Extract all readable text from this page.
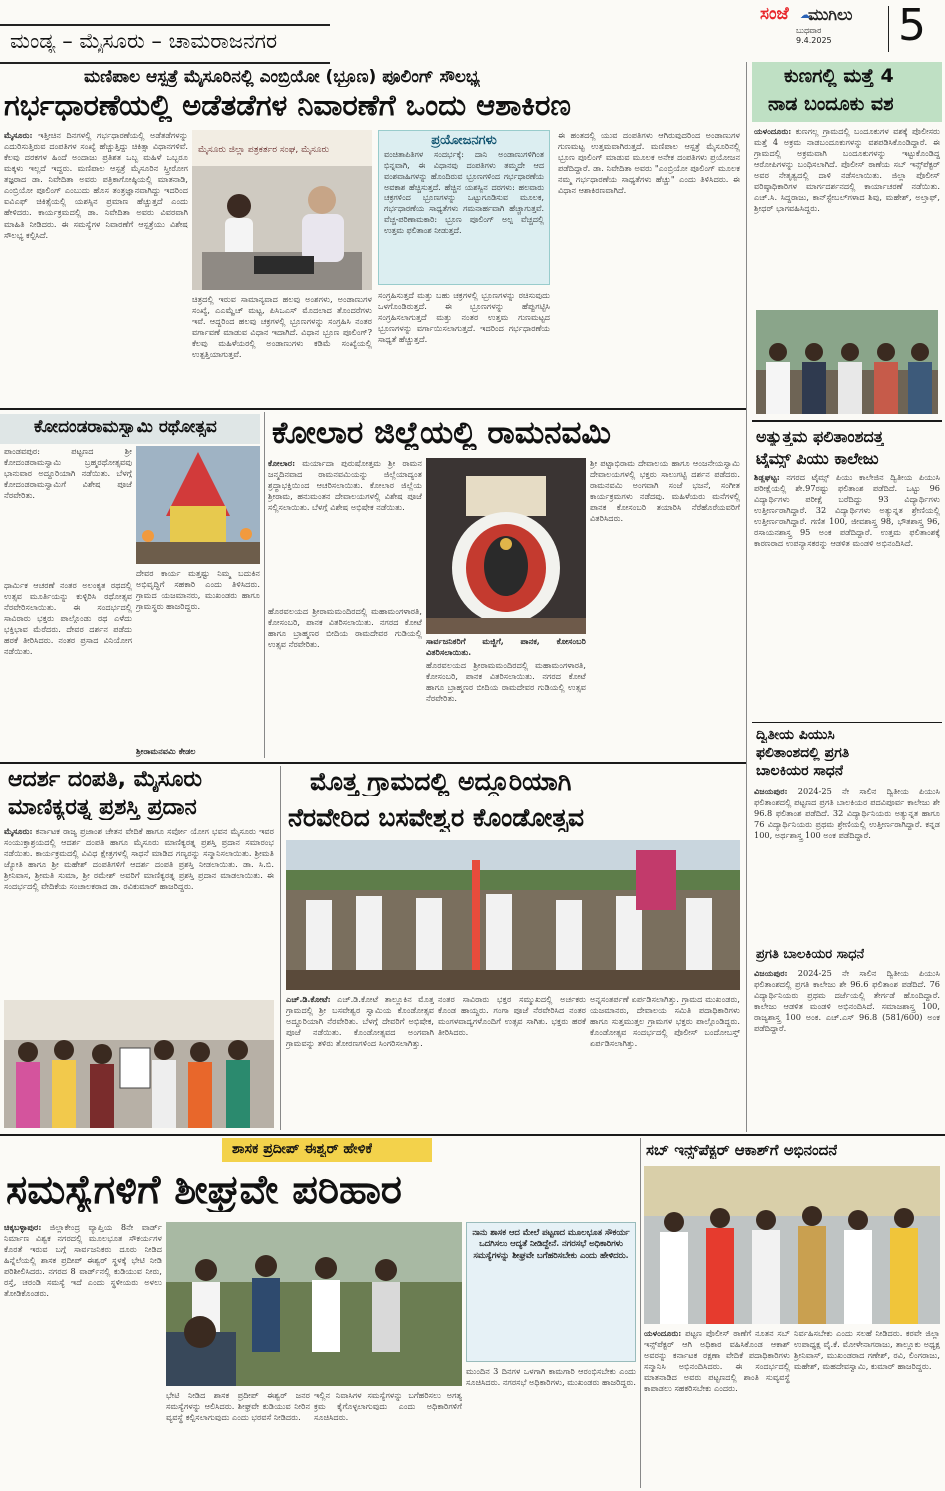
ಮಂಡ್ಯ – ಮೈಸೂರು – ಚಾಮರಾಜನಗರ
ಸಂಜೆ ಮುಗಿಲು
☁
ಬುಧವಾರ
9.4.2025 5
ಮಣಿಪಾಲ ಆಸ್ಪತ್ರೆ ಮೈಸೂರಿನಲ್ಲಿ ಎಂಬ್ರಿಯೋ (ಭ್ರೂಣ) ಪೂಲಿಂಗ್ ಸೌಲಭ್ಯ
ಗರ್ಭಧಾರಣೆಯಲ್ಲಿ ಅಡೆತಡೆಗಳ ನಿವಾರಣೆಗೆ ಒಂದು ಆಶಾಕಿರಣ
ಮೈಸೂರು ಜಿಲ್ಲಾ ಪತ್ರಕರ್ತರ ಸಂಘ, ಮೈಸೂರು
ಪ್ರಯೋಜನಗಳು
ವಂಚಿತಾಪಿತಿಗಳ ಸಂದರ್ಭಕ್ಕೆ: ದಾನಿ ಅಂಡಾಣುಗಳಿಗಿಂತ ಭಿನ್ನವಾಗಿ, ಈ ವಿಧಾನವು ದಂಪತಿಗಳು ತಮ್ಮದೇ ಆದ ವಂಶವಾಹಿಗಳನ್ನು ಹೊಂದಿರುವ ಭ್ರೂಣಗಳಿಂದ ಗರ್ಭಧಾರಣೆಯ ಅವಕಾಶ ಹೆಚ್ಚಿಸುತ್ತದೆ. ಹೆಚ್ಚಿನ ಯಶಸ್ವಿನ ದರಗಳು: ಹಲವಾರು ಚಕ್ರಗಳಿಂದ ಭ್ರೂಣಗಳನ್ನು ಒಟ್ಟುಗೂಡಿಸುವ ಮೂಲಕ, ಗರ್ಭಧಾರಣೆಯ ಸಾಧ್ಯತೆಗಳು ಗಮನಾರ್ಹವಾಗಿ ಹೆಚ್ಚಾಗುತ್ತವೆ. ವೆಚ್ಚ-ಪರಿಣಾಮಕಾರಿ: ಭ್ರೂಣ ಪೂಲಿಂಗ್ ಅಲ್ಪ ವೆಚ್ಚದಲ್ಲಿ ಉತ್ತಮ ಫಲಿತಾಂಶ ನೀಡುತ್ತದೆ.
ಮೈಸೂರು: ಇತ್ತೀಚಿನ ದಿನಗಳಲ್ಲಿ ಗರ್ಭಧಾರಣೆಯಲ್ಲಿ ಅಡೆತಡೆಗಳನ್ನು ಎದುರಿಸುತ್ತಿರುವ ದಂಪತಿಗಳ ಸಂಖ್ಯೆ ಹೆಚ್ಚುತ್ತಿದ್ದು ಚಿಕಿತ್ಸಾ ವಿಧಾನಗಳಿವೆ. ಕೆಲವು ದರಕಗಳ ಹಿಂದೆ ಅಂದಾಜು ಪ್ರತಿಶತ ಒಬ್ಬ ಮಹಿಳೆ ಒಬ್ಬರೂ ಮಕ್ಕಳು ಇಲ್ಲದೆ ಇದ್ದರು. ಮಣಿಪಾಲ ಆಸ್ಪತ್ರೆ ಮೈಸೂರಿನ ಸ್ತ್ರೀರೋಗ ತಜ್ಞರಾದ ಡಾ. ನಿವೇದಿತಾ ಅವರು ಪತ್ರಿಕಾಗೋಷ್ಠಿಯಲ್ಲಿ ಮಾತನಾಡಿ, ಎಂಬ್ರಿಯೋ ಪೂಲಿಂಗ್ ಎಂಬುದು ಹೊಸ ತಂತ್ರಜ್ಞಾನವಾಗಿದ್ದು ಇದರಿಂದ ಐವಿಎಫ್ ಚಿಕಿತ್ಸೆಯಲ್ಲಿ ಯಶಸ್ಸಿನ ಪ್ರಮಾಣ ಹೆಚ್ಚುತ್ತದೆ ಎಂದು ಹೇಳಿದರು. ಕಾರ್ಯಕ್ರಮದಲ್ಲಿ ಡಾ. ನಿವೇದಿತಾ ಅವರು ವಿವರವಾಗಿ ಮಾಹಿತಿ ನೀಡಿದರು. ಈ ಸಮಸ್ಯೆಗಳ ನಿವಾರಣೆಗೆ ಆಸ್ಪತ್ರೆಯು ವಿಶೇಷ ಸೌಲಭ್ಯ ಕಲ್ಪಿಸಿದೆ.
ಚಿತ್ರದಲ್ಲಿ ಇರುವ ಸಾಮಾನ್ಯವಾದ ಹಲವು ಅಂಶಗಳು, ಅಂಡಾಣುಗಳ ಸಂಖ್ಯೆ, ಎಎಮ್ಹೆಚ್ ಮಟ್ಟ, ಪಿಸಿಒಎಸ್ ಮೊದಲಾದ ತೊಂದರೆಗಳು ಇವೆ. ಆದ್ದರಿಂದ ಹಲವು ಚಕ್ರಗಳಲ್ಲಿ ಭ್ರೂಣಗಳನ್ನು ಸಂಗ್ರಹಿಸಿ ನಂತರ ವರ್ಗಾವಣೆ ಮಾಡುವ ವಿಧಾನ ಇದಾಗಿದೆ. ವಿಧಾನ ಭ್ರೂಣ ಪೂಲಿಂಗ್? ಕೆಲವು ಮಹಿಳೆಯರಲ್ಲಿ ಅಂಡಾಣುಗಳು ಕಡಿಮೆ ಸಂಖ್ಯೆಯಲ್ಲಿ ಉತ್ಪತ್ತಿಯಾಗುತ್ತವೆ.
ಸಂಗ್ರಹಿಸುತ್ತದೆ ಮತ್ತು ಬಹು ಚಕ್ರಗಳಲ್ಲಿ ಭ್ರೂಣಗಳನ್ನು ರಚಿಸುವುದು ಒಳಗೊಂಡಿರುತ್ತದೆ. ಈ ಭ್ರೂಣಗಳನ್ನು ಹೆಪ್ಪುಗಟ್ಟಿಸಿ ಸಂಗ್ರಹಿಸಲಾಗುತ್ತದೆ ಮತ್ತು ನಂತರ ಉತ್ತಮ ಗುಣಮಟ್ಟದ ಭ್ರೂಣಗಳನ್ನು ವರ್ಗಾಯಿಸಲಾಗುತ್ತದೆ. ಇದರಿಂದ ಗರ್ಭಧಾರಣೆಯ ಸಾಧ್ಯತೆ ಹೆಚ್ಚುತ್ತದೆ.
ಈ ಹಂತದಲ್ಲಿ ಯುವ ದಂಪತಿಗಳು ಆಗಿರುವುದರಿಂದ ಅಂಡಾಣುಗಳ ಗುಣಮಟ್ಟ ಉತ್ತಮವಾಗಿರುತ್ತದೆ. ಮಣಿಪಾಲ ಆಸ್ಪತ್ರೆ ಮೈಸೂರಿನಲ್ಲಿ ಭ್ರೂಣ ಪೂಲಿಂಗ್ ಮಾಡುವ ಮೂಲಕ ಅನೇಕ ದಂಪತಿಗಳು ಪ್ರಯೋಜನ ಪಡೆದಿದ್ದಾರೆ. ಡಾ. ನಿವೇದಿತಾ ಅವರು "ಎಂಬ್ರಿಯೋ ಪೂಲಿಂಗ್ ಮೂಲಕ ನಮ್ಮ ಗರ್ಭಧಾರಣೆಯ ಸಾಧ್ಯತೆಗಳು ಹೆಚ್ಚು" ಎಂದು ತಿಳಿಸಿದರು. ಈ ವಿಧಾನ ಆಶಾಕಿರಣವಾಗಿದೆ.
ಕುಣಗಲ್ಲಿ ಮತ್ತೆ 4
ನಾಡ ಬಂದೂಕು ವಶ
ಯಳಂದೂರು: ಕುಣಗಲ್ಲ ಗ್ರಾಮದಲ್ಲಿ ಬಂದೂಕುಗಳ ವಶಕ್ಕೆ ಪೊಲೀಸರು ಮತ್ತೆ 4 ಅಕ್ರಮ ನಾಡಬಂದೂಕುಗಳನ್ನು ವಶಪಡಿಸಿಕೊಂಡಿದ್ದಾರೆ. ಈ ಗ್ರಾಮದಲ್ಲಿ ಅಕ್ರಮವಾಗಿ ಬಂದೂಕುಗಳನ್ನು ಇಟ್ಟುಕೊಂಡಿದ್ದ ಆರೋಪಿಗಳನ್ನು ಬಂಧಿಸಲಾಗಿದೆ. ಪೊಲೀಸ್ ಠಾಣೆಯ ಸಬ್ ಇನ್ಸ್‌ಪೆಕ್ಟರ್ ಅವರ ನೇತೃತ್ವದಲ್ಲಿ ದಾಳಿ ನಡೆಸಲಾಯಿತು. ಜಿಲ್ಲಾ ಪೊಲೀಸ್ ವರಿಷ್ಠಾಧಿಕಾರಿಗಳ ಮಾರ್ಗದರ್ಶನದಲ್ಲಿ ಕಾರ್ಯಾಚರಣೆ ನಡೆಯಿತು. ಎಚ್.ಸಿ. ಸಿದ್ದರಾಜು, ಕಾನ್‌ಸ್ಟೇಬಲ್‌ಗಳಾದ ಶಿವು, ಮಹೇಶ್, ಅಲ್ತಾಫ್, ಶ್ರೀಧರ್ ಭಾಗವಹಿಸಿದ್ದರು.
ಅತ್ಯುತ್ತಮ ಫಲಿತಾಂಶದತ್ತ
ಟೈಮ್ಸ್ ಪಿಯು ಕಾಲೇಜು
ಶಿಡ್ಲಘಟ್ಟ: ನಗರದ ಟೈಮ್ಸ್ ಪಿಯು ಕಾಲೇಜಿನ ದ್ವಿತೀಯ ಪಿಯುಸಿ ಪರೀಕ್ಷೆಯಲ್ಲಿ ಶೇ.97ರಷ್ಟು ಫಲಿತಾಂಶ ಪಡೆದಿದೆ. ಒಟ್ಟು 96 ವಿದ್ಯಾರ್ಥಿಗಳು ಪರೀಕ್ಷೆ ಬರೆದಿದ್ದು 93 ವಿದ್ಯಾರ್ಥಿಗಳು ಉತ್ತೀರ್ಣರಾಗಿದ್ದಾರೆ. 32 ವಿದ್ಯಾರ್ಥಿಗಳು ಅತ್ಯುನ್ನತ ಶ್ರೇಣಿಯಲ್ಲಿ ಉತ್ತೀರ್ಣರಾಗಿದ್ದಾರೆ. ಗಣಿತ 100, ಜೀವಶಾಸ್ತ್ರ 98, ಭೌತಶಾಸ್ತ್ರ 96, ರಸಾಯನಶಾಸ್ತ್ರ 95 ಅಂಕ ಪಡೆದಿದ್ದಾರೆ. ಉತ್ತಮ ಫಲಿತಾಂಶಕ್ಕೆ ಕಾರಣರಾದ ಉಪನ್ಯಾಸಕರನ್ನು ಆಡಳಿತ ಮಂಡಳಿ ಅಭಿನಂದಿಸಿದೆ.
ದ್ವಿತೀಯ ಪಿಯುಸಿ
ಫಲಿತಾಂಶದಲ್ಲಿ ಪ್ರಗತಿ
ಬಾಲಕಿಯರ ಸಾಧನೆ
ವಿಜಯಪುರ: 2024-25 ನೇ ಸಾಲಿನ ದ್ವಿತೀಯ ಪಿಯುಸಿ ಫಲಿತಾಂಶದಲ್ಲಿ ಪಟ್ಟಣದ ಪ್ರಗತಿ ಬಾಲಕಿಯರ ಪದವಿಪೂರ್ವ ಕಾಲೇಜು ಶೇ 96.8 ಫಲಿತಾಂಶ ಪಡೆದಿದೆ. 32 ವಿದ್ಯಾರ್ಥಿನಿಯರು ಅತ್ಯುನ್ನತ ಹಾಗೂ 76 ವಿದ್ಯಾರ್ಥಿನಿಯರು ಪ್ರಥಮ ಶ್ರೇಣಿಯಲ್ಲಿ ಉತ್ತೀರ್ಣರಾಗಿದ್ದಾರೆ. ಕನ್ನಡ 100, ಅರ್ಥಶಾಸ್ತ್ರ 100 ಅಂಕ ಪಡೆದಿದ್ದಾರೆ.
ಪ್ರಗತಿ ಬಾಲಕಿಯರ ಸಾಧನೆ
ವಿಜಯಪುರ: 2024-25 ನೇ ಸಾಲಿನ ದ್ವಿತೀಯ ಪಿಯುಸಿ ಫಲಿತಾಂಶದಲ್ಲಿ ಪ್ರಗತಿ ಕಾಲೇಜು ಶೇ 96.6 ಫಲಿತಾಂಶ ಪಡೆದಿದೆ. 76 ವಿದ್ಯಾರ್ಥಿನಿಯರು ಪ್ರಥಮ ದರ್ಜೆಯಲ್ಲಿ ತೇರ್ಗಡೆ ಹೊಂದಿದ್ದಾರೆ. ಕಾಲೇಜು ಆಡಳಿತ ಮಂಡಳಿ ಅಭಿನಂದಿಸಿದೆ. ಸಮಾಜಶಾಸ್ತ್ರ 100, ರಾಜ್ಯಶಾಸ್ತ್ರ 100 ಅಂಕ. ಎಚ್.ಎಸ್ 96.8 (581/600) ಅಂಕ ಪಡೆದಿದ್ದಾರೆ.
ಕೋದಂಡರಾಮಸ್ವಾಮಿ ರಥೋತ್ಸವ
ಪಾಂಡವಪುರ: ಪಟ್ಟಣದ ಶ್ರೀ ಕೋದಂಡರಾಮಸ್ವಾಮಿ ಬ್ರಹ್ಮರಥೋತ್ಸವವು ಭಾನುವಾರ ಅದ್ದೂರಿಯಾಗಿ ನಡೆಯಿತು. ಬೆಳಗ್ಗೆ ಕೋದಂಡರಾಮಸ್ವಾಮಿಗೆ ವಿಶೇಷ ಪೂಜೆ ನೆರವೇರಿತು.
ಧಾರ್ಮಿಕ ಆಚರಣೆ ನಂತರ ಅಲಂಕೃತ ರಥದಲ್ಲಿ ಉತ್ಸವ ಮೂರ್ತಿಯನ್ನು ಕುಳ್ಳಿರಿಸಿ ರಥೋತ್ಸವ ನೆರವೇರಿಸಲಾಯಿತು. ಈ ಸಂದರ್ಭದಲ್ಲಿ ಸಾವಿರಾರು ಭಕ್ತರು ಪಾಲ್ಗೊಂಡು ರಥ ಎಳೆದು ಭಕ್ತಿಭಾವ ಮೆರೆದರು. ದೇವರ ದರ್ಶನ ಪಡೆದು ಹರಕೆ ತೀರಿಸಿದರು. ನಂತರ ಪ್ರಸಾದ ವಿನಿಯೋಗ ನಡೆಯಿತು.
ದೇವರ ಕಾರ್ಯ ಮತ್ತಷ್ಟು ನಿಮ್ಮ ಬದುಕಿನ ಅಭಿವೃದ್ಧಿಗೆ ಸಹಕಾರಿ ಎಂದು ತಿಳಿಸಿದರು. ಗ್ರಾಮದ ಯಜಮಾನರು, ಮುಖಂಡರು ಹಾಗೂ ಗ್ರಾಮಸ್ಥರು ಹಾಜರಿದ್ದರು.
ಶ್ರೀರಾಮನವಮಿ ಕೇಡಲ
ಕೋಲಾರ ಜಿಲ್ಲೆಯಲ್ಲಿ ರಾಮನವಮಿ
ಕೋಲಾರ: ಮರ್ಯಾದಾ ಪುರುಷೋತ್ತಮ ಶ್ರೀ ರಾಮನ ಜನ್ಮದಿನವಾದ ರಾಮನವಮಿಯನ್ನು ಜಿಲ್ಲೆಯಾದ್ಯಂತ ಶ್ರದ್ಧಾಭಕ್ತಿಯಿಂದ ಆಚರಿಸಲಾಯಿತು. ಕೋಲಾರ ಜಿಲ್ಲೆಯ ಶ್ರೀರಾಮ, ಹನುಮಂತನ ದೇವಾಲಯಗಳಲ್ಲಿ ವಿಶೇಷ ಪೂಜೆ ಸಲ್ಲಿಸಲಾಯಿತು. ಬೆಳಗ್ಗೆ ವಿಶೇಷ ಅಭಿಷೇಕ ನಡೆಯಿತು.
ಸಾರ್ವಜನಿಕರಿಗೆ ಮಜ್ಜಿಗೆ, ಪಾನಕ, ಕೋಸಂಬರಿ ವಿತರಿಸಲಾಯಿತು.
ಹೊರವಲಯದ ಶ್ರೀರಾಮಮಂದಿರದಲ್ಲಿ ಮಹಾಮಂಗಳಾರತಿ, ಕೋಸಂಬರಿ, ಪಾನಕ ವಿತರಿಸಲಾಯಿತು. ನಗರದ ಕೋಟೆ ಹಾಗೂ ಬ್ರಾಹ್ಮಣರ ಬೀದಿಯ ರಾಮದೇವರ ಗುಡಿಯಲ್ಲಿ ಉತ್ಸವ ನೆರವೇರಿತು.
ಶ್ರೀ ಪಟ್ಟಾಭಿರಾಮ ದೇವಾಲಯ ಹಾಗೂ ಆಂಜನೇಯಸ್ವಾಮಿ ದೇವಾಲಯಗಳಲ್ಲಿ ಭಕ್ತರು ಸಾಲುಗಟ್ಟಿ ದರ್ಶನ ಪಡೆದರು. ರಾಮನವಮಿ ಅಂಗವಾಗಿ ಸಂಜೆ ಭಜನೆ, ಸಂಗೀತ ಕಾರ್ಯಕ್ರಮಗಳು ನಡೆದವು. ಮಹಿಳೆಯರು ಮನೆಗಳಲ್ಲಿ ಪಾನಕ ಕೋಸಂಬರಿ ತಯಾರಿಸಿ ನೆರೆಹೊರೆಯವರಿಗೆ ವಿತರಿಸಿದರು.
ಹೊರವಲಯದ ಶ್ರೀರಾಮಮಂದಿರದಲ್ಲಿ ಮಹಾಮಂಗಳಾರತಿ, ಕೋಸಂಬರಿ, ಪಾನಕ ವಿತರಿಸಲಾಯಿತು. ನಗರದ ಕೋಟೆ ಹಾಗೂ ಬ್ರಾಹ್ಮಣರ ಬೀದಿಯ ರಾಮದೇವರ ಗುಡಿಯಲ್ಲಿ ಉತ್ಸವ ನೆರವೇರಿತು.
ಆದರ್ಶ ದಂಪತಿ, ಮೈಸೂರು
ಮಾಣಿಕ್ಯರತ್ನ ಪ್ರಶಸ್ತಿ ಪ್ರದಾನ
ಮೈಸೂರು: ಕರ್ನಾಟಕ ರಾಜ್ಯ ಪ್ರಜಾಂಶ ಚೇತನ ವೇದಿಕೆ ಹಾಗೂ ಸರ್ವೋ ಯೋಗ ಭವನ ಮೈಸೂರು ಇವರ ಸಂಯುಕ್ತಾಶ್ರಯದಲ್ಲಿ ಆದರ್ಶ ದಂಪತಿ ಹಾಗೂ ಮೈಸೂರು ಮಾಣಿಕ್ಯರತ್ನ ಪ್ರಶಸ್ತಿ ಪ್ರದಾನ ಸಮಾರಂಭ ನಡೆಯಿತು. ಕಾರ್ಯಕ್ರಮದಲ್ಲಿ ವಿವಿಧ ಕ್ಷೇತ್ರಗಳಲ್ಲಿ ಸಾಧನೆ ಮಾಡಿದ ಗಣ್ಯರನ್ನು ಸನ್ಮಾನಿಸಲಾಯಿತು. ಶ್ರೀಮತಿ ಜ್ಯೋತಿ ಹಾಗೂ ಶ್ರೀ ಮಹೇಶ್ ದಂಪತಿಗಳಿಗೆ ಆದರ್ಶ ದಂಪತಿ ಪ್ರಶಸ್ತಿ ನೀಡಲಾಯಿತು. ಡಾ. ಸಿ.ಬಿ. ಶ್ರೀನಿವಾಸ, ಶ್ರೀಮತಿ ಸುಮಾ, ಶ್ರೀ ರಮೇಶ್ ಅವರಿಗೆ ಮಾಣಿಕ್ಯರತ್ನ ಪ್ರಶಸ್ತಿ ಪ್ರದಾನ ಮಾಡಲಾಯಿತು. ಈ ಸಂದರ್ಭದಲ್ಲಿ ವೇದಿಕೆಯ ಸಂಚಾಲಕರಾದ ಡಾ. ರವಿಕುಮಾರ್ ಹಾಜರಿದ್ದರು.
ಮೊತ್ತ ಗ್ರಾಮದಲ್ಲಿ ಅದ್ದೂರಿಯಾಗಿ
ನೆರವೇರಿದ ಬಸವೇಶ್ವರ ಕೊಂಡೋತ್ಸವ
ಎಚ್.ಡಿ.ಕೋಟೆ: ಎಚ್.ಡಿ.ಕೋಟೆ ತಾಲ್ಲೂಕಿನ ಮೊತ್ತ ಗ್ರಾಮದಲ್ಲಿ ಶ್ರೀ ಬಸವೇಶ್ವರ ಸ್ವಾಮಿಯ ಕೊಂಡೋತ್ಸವ ಅದ್ದೂರಿಯಾಗಿ ನೆರವೇರಿತು. ಬೆಳಗ್ಗೆ ದೇವರಿಗೆ ಅಭಿಷೇಕ, ಪೂಜೆ ನಡೆಯಿತು. ಕೊಂಡೋತ್ಸವದ ಅಂಗವಾಗಿ ಗ್ರಾಮವನ್ನು ತಳಿರು ತೋರಣಗಳಿಂದ ಸಿಂಗರಿಸಲಾಗಿತ್ತು.
ನಂತರ ಸಾವಿರಾರು ಭಕ್ತರ ಸಮ್ಮುಖದಲ್ಲಿ ಅರ್ಚಕರು ಕೊಂಡ ಹಾಯ್ದರು. ಗಂಗಾ ಪೂಜೆ ನೆರವೇರಿಸಿದ ನಂತರ ಮಂಗಳವಾದ್ಯಗಳೊಂದಿಗೆ ಉತ್ಸವ ಸಾಗಿತು. ಭಕ್ತರು ಹರಕೆ ತೀರಿಸಿದರು.
ಅನ್ನಸಂತರ್ಪಣೆ ಏರ್ಪಡಿಸಲಾಗಿತ್ತು. ಗ್ರಾಮದ ಮುಖಂಡರು, ಯಜಮಾನರು, ದೇವಾಲಯ ಸಮಿತಿ ಪದಾಧಿಕಾರಿಗಳು ಹಾಗೂ ಸುತ್ತಮುತ್ತಲ ಗ್ರಾಮಗಳ ಭಕ್ತರು ಪಾಲ್ಗೊಂಡಿದ್ದರು. ಕೊಂಡೋತ್ಸವ ಸಂದರ್ಭದಲ್ಲಿ ಪೊಲೀಸ್ ಬಂದೋಬಸ್ತ್ ಏರ್ಪಡಿಸಲಾಗಿತ್ತು.
ಶಾಸಕ ಪ್ರದೀಪ್ ಈಶ್ವರ್ ಹೇಳಿಕೆ
ಸಮಸ್ಯೆಗಳಿಗೆ ಶೀಘ್ರವೇ ಪರಿಹಾರ
ಚಿಕ್ಕಬಳ್ಳಾಪುರ: ಜಿಲ್ಲಾಕೇಂದ್ರ ವ್ಯಾಪ್ತಿಯ 8ನೇ ವಾರ್ಡ್ ನಿರ್ಮಾಣ ವಿಶ್ವಕ ನಗರದಲ್ಲಿ ಮೂಲಭೂತ ಸೌಕರ್ಯಗಳ ಕೊರತೆ ಇರುವ ಬಗ್ಗೆ ಸಾರ್ವಜನಿಕರು ದೂರು ನೀಡಿದ ಹಿನ್ನೆಲೆಯಲ್ಲಿ ಶಾಸಕ ಪ್ರದೀಪ್ ಈಶ್ವರ್ ಸ್ಥಳಕ್ಕೆ ಭೇಟಿ ನೀಡಿ ಪರಿಶೀಲಿಸಿದರು. ನಗರದ 8 ವಾರ್ಡ್‌ನಲ್ಲಿ ಕುಡಿಯುವ ನೀರು, ರಸ್ತೆ, ಚರಂಡಿ ಸಮಸ್ಯೆ ಇದೆ ಎಂದು ಸ್ಥಳೀಯರು ಅಳಲು ತೋಡಿಕೊಂಡರು.
ನಾನು ಶಾಸಕ ಆದ ಮೇಲೆ ಪಟ್ಟಣದ ಮೂಲಭೂತ ಸೌಕರ್ಯ ಒದಗಿಸಲು ಆದ್ಯತೆ ನೀಡಿದ್ದೇನೆ. ನಗರಸಭೆ ಅಧಿಕಾರಿಗಳು ಸಮಸ್ಯೆಗಳನ್ನು ಶೀಘ್ರವೇ ಬಗೆಹರಿಸಬೇಕು ಎಂದು ಹೇಳಿದರು.
ಭೇಟಿ ನೀಡಿದ ಶಾಸಕ ಪ್ರದೀಪ್ ಈಶ್ವರ್ ಜನರ ಸಮಸ್ಯೆಗಳನ್ನು ಆಲಿಸಿದರು. ಶೀಘ್ರವೇ ಕುಡಿಯುವ ನೀರಿನ ವ್ಯವಸ್ಥೆ ಕಲ್ಪಿಸಲಾಗುವುದು ಎಂದು ಭರವಸೆ ನೀಡಿದರು.
ಇಲ್ಲಿನ ನಿವಾಸಿಗಳ ಸಮಸ್ಯೆಗಳನ್ನು ಬಗೆಹರಿಸಲು ಅಗತ್ಯ ಕ್ರಮ ಕೈಗೊಳ್ಳಲಾಗುವುದು ಎಂದು ಅಧಿಕಾರಿಗಳಿಗೆ ಸೂಚಿಸಿದರು.
ಮುಂದಿನ 3 ದಿನಗಳ ಒಳಗಾಗಿ ಕಾಮಗಾರಿ ಆರಂಭಿಸಬೇಕು ಎಂದು ಸೂಚಿಸಿದರು. ನಗರಸಭೆ ಅಧಿಕಾರಿಗಳು, ಮುಖಂಡರು ಹಾಜರಿದ್ದರು.
ಸಬ್ ಇನ್ಸ್‌ಪೆಕ್ಟರ್ ಆಕಾಶ್‌ಗೆ ಅಭಿನಂದನೆ
ಯಳಂದೂರು: ಪಟ್ಟಣ ಪೊಲೀಸ್ ಠಾಣೆಗೆ ನೂತನ ಸಬ್ ಇನ್ಸ್‌ಪೆಕ್ಟರ್ ಆಗಿ ಅಧಿಕಾರ ವಹಿಸಿಕೊಂಡ ಆಕಾಶ್ ಅವರನ್ನು ಕರ್ನಾಟಕ ರಕ್ಷಣಾ ವೇದಿಕೆ ಪದಾಧಿಕಾರಿಗಳು ಸನ್ಮಾನಿಸಿ ಅಭಿನಂದಿಸಿದರು. ಈ ಸಂದರ್ಭದಲ್ಲಿ ಮಾತನಾಡಿದ ಅವರು ಪಟ್ಟಣದಲ್ಲಿ ಶಾಂತಿ ಸುವ್ಯವಸ್ಥೆ ಕಾಪಾಡಲು ಸಹಕರಿಸಬೇಕು ಎಂದರು.
ನಿರ್ವಹಿಸಬೇಕು ಎಂದು ಸಲಹೆ ನೀಡಿದರು. ಕರವೇ ಜಿಲ್ಲಾ ಉಪಾಧ್ಯಕ್ಷ ವೈ.ಕೆ. ಮೋಳೇನಾಗರಾಜು, ತಾಲ್ಲೂಕು ಅಧ್ಯಕ್ಷ ಶ್ರೀನಿವಾಸ್, ಮುಖಂಡರಾದ ಗಣೇಶ್, ರವಿ, ಲಿಂಗರಾಜು, ಮಹೇಶ್, ಮಹದೇವಸ್ವಾಮಿ, ಕುಮಾರ್ ಹಾಜರಿದ್ದರು.
